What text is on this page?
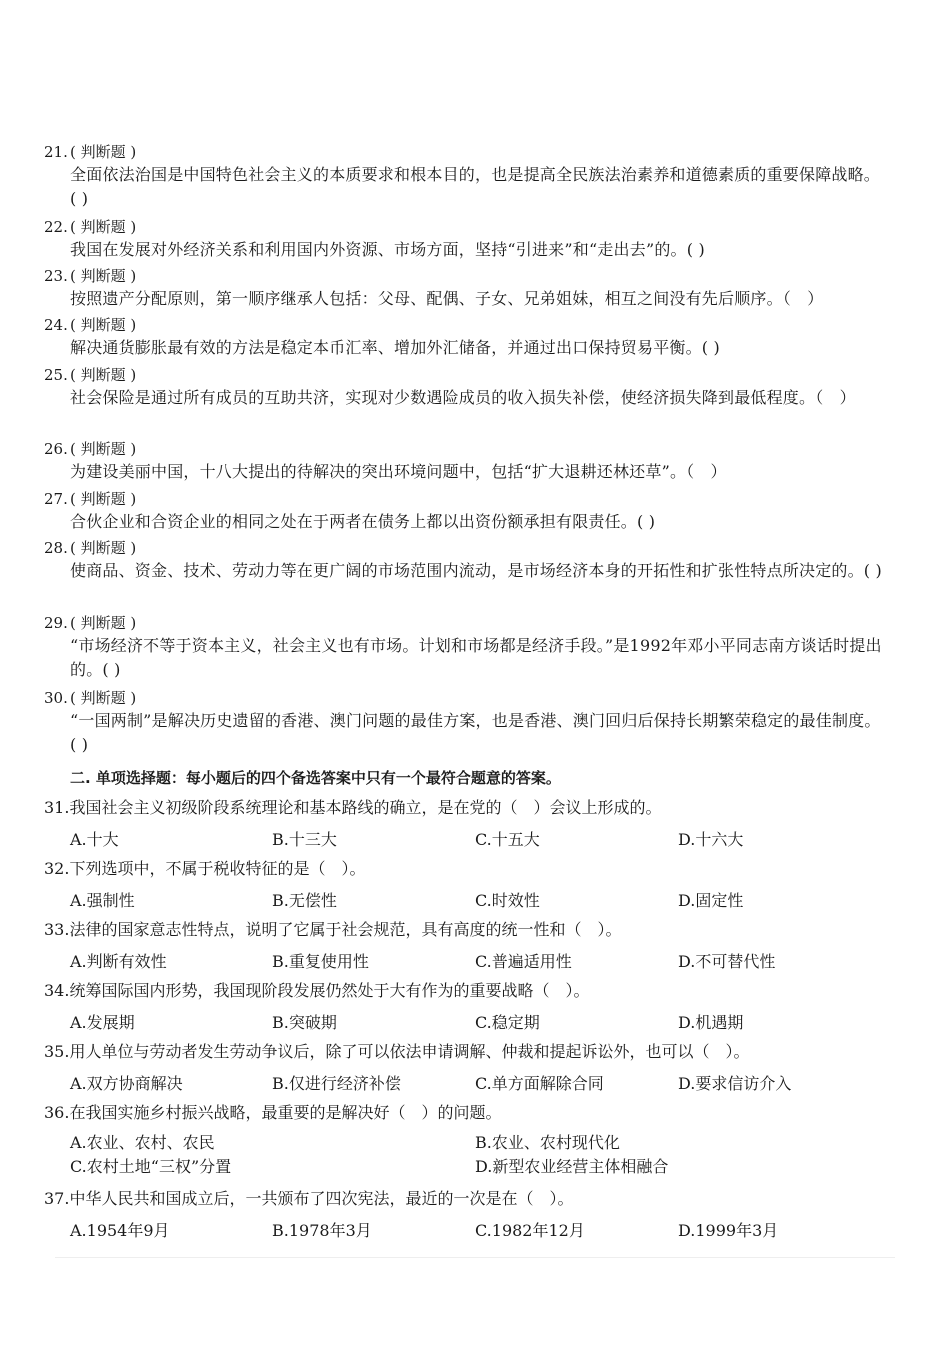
21. ( 判断题 )
全面依法治国是中国特色社会主义的本质要求和根本目的，也是提高全民族法治素养和道德素质的重要保障战略。( )
22. ( 判断题 )
我国在发展对外经济关系和利用国内外资源、市场方面，坚持“引进来”和“走出去”的。( )
23. ( 判断题 )
按照遗产分配原则，第一顺序继承人包括：父母、配偶、子女、兄弟姐妹，相互之间没有先后顺序。（　）
24. ( 判断题 )
解决通货膨胀最有效的方法是稳定本币汇率、增加外汇储备，并通过出口保持贸易平衡。( )
25. ( 判断题 )
社会保险是通过所有成员的互助共济，实现对少数遇险成员的收入损失补偿，使经济损失降到最低程度。（　）
26. ( 判断题 )
为建设美丽中国，十八大提出的待解决的突出环境问题中，包括“扩大退耕还林还草”。（　）
27. ( 判断题 )
合伙企业和合资企业的相同之处在于两者在债务上都以出资份额承担有限责任。( )
28. ( 判断题 )
使商品、资金、技术、劳动力等在更广阔的市场范围内流动，是市场经济本身的开拓性和扩张性特点所决定的。( )
29. ( 判断题 )
“市场经济不等于资本主义，社会主义也有市场。计划和市场都是经济手段。”是1992年邓小平同志南方谈话时提出的。( )
30. ( 判断题 )
“一国两制”是解决历史遗留的香港、澳门问题的最佳方案，也是香港、澳门回归后保持长期繁荣稳定的最佳制度。( )
二. 单项选择题：每小题后的四个备选答案中只有一个最符合题意的答案。
31.我国社会主义初级阶段系统理论和基本路线的确立，是在党的（　）会议上形成的。
A.十大	B.十三大	C.十五大	D.十六大
32.下列选项中，不属于税收特征的是（　）。
A.强制性	B.无偿性	C.时效性	D.固定性
33.法律的国家意志性特点，说明了它属于社会规范，具有高度的统一性和（　）。
A.判断有效性	B.重复使用性	C.普遍适用性	D.不可替代性
34.统筹国际国内形势，我国现阶段发展仍然处于大有作为的重要战略（　）。
A.发展期	B.突破期	C.稳定期	D.机遇期
35.用人单位与劳动者发生劳动争议后，除了可以依法申请调解、仲裁和提起诉讼外，也可以（　）。
A.双方协商解决	B.仅进行经济补偿	C.单方面解除合同	D.要求信访介入
36.在我国实施乡村振兴战略，最重要的是解决好（　）的问题。
A.农业、农村、农民	B.农业、农村现代化
C.农村土地“三权”分置	D.新型农业经营主体相融合
37.中华人民共和国成立后，一共颁布了四次宪法，最近的一次是在（　）。
A.1954年9月	B.1978年3月	C.1982年12月	D.1999年3月
